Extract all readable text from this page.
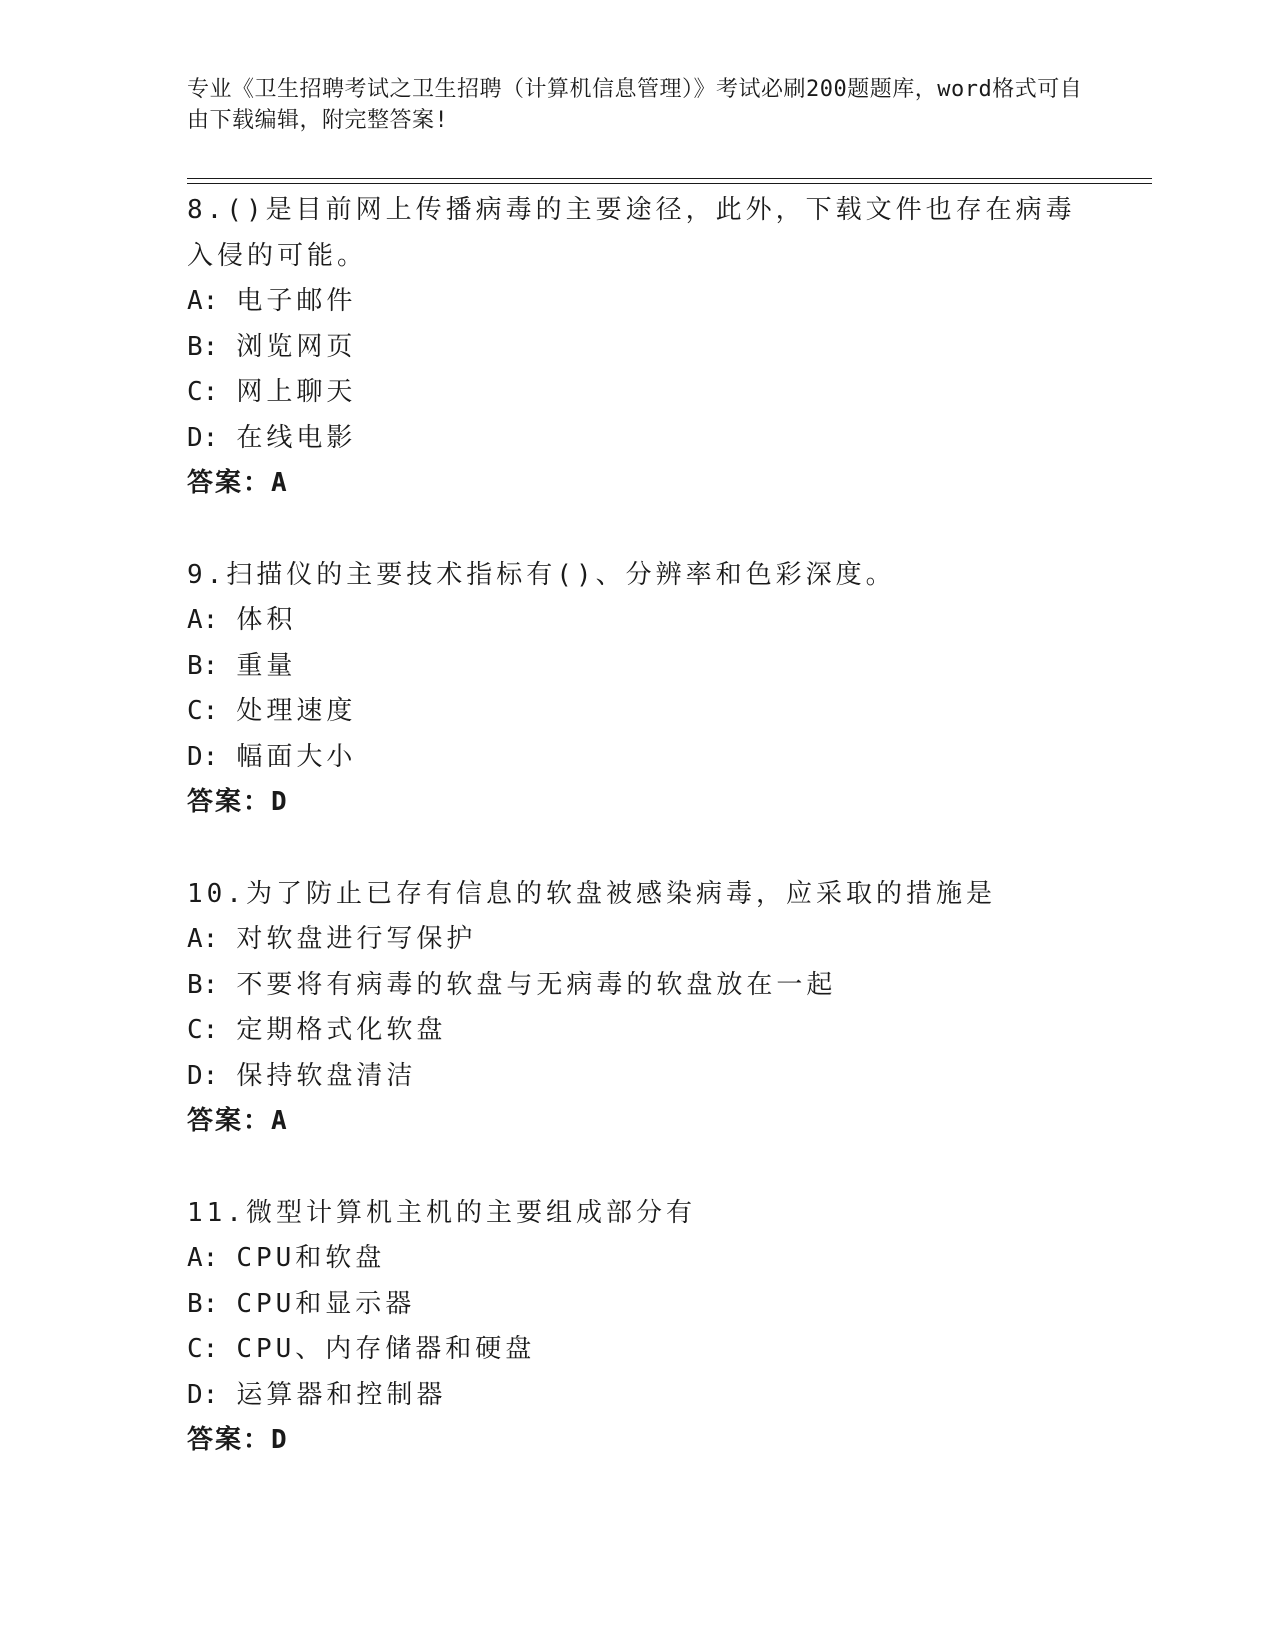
专业《卫生招聘考试之卫生招聘（计算机信息管理）》考试必刷200题题库，word格式可自由下载编辑，附完整答案!
8.()是目前网上传播病毒的主要途径，此外，下载文件也存在病毒入侵的可能。
A: 电子邮件
B: 浏览网页
C: 网上聊天
D: 在线电影
答案：A
9.扫描仪的主要技术指标有()、分辨率和色彩深度。
A: 体积
B: 重量
C: 处理速度
D: 幅面大小
答案：D
10.为了防止已存有信息的软盘被感染病毒，应采取的措施是
A: 对软盘进行写保护
B: 不要将有病毒的软盘与无病毒的软盘放在一起
C: 定期格式化软盘
D: 保持软盘清洁
答案：A
11.微型计算机主机的主要组成部分有
A: CPU和软盘
B: CPU和显示器
C: CPU、内存储器和硬盘
D: 运算器和控制器
答案：D
